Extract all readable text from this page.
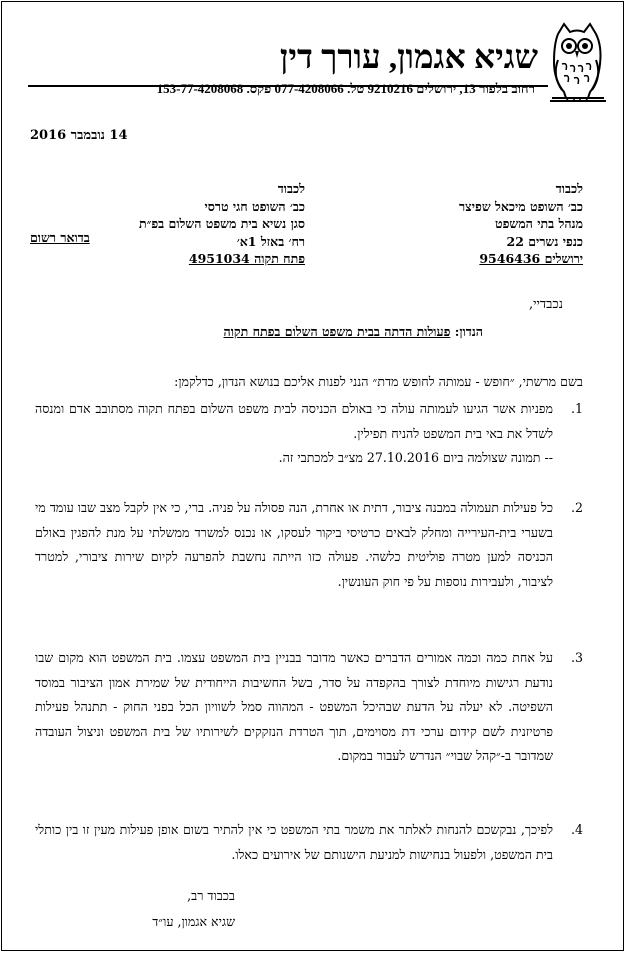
שגיא אגמון, עורך דין
רחוב בלפור 13, ירושלים 9210216 טל. 077-4208066 פקס. 153-77-4208068
14 נובמבר 2016
לכבוד
כב׳ השופט מיכאל שפיצר
מנהל בתי המשפט
כנפי נשרים 22
ירושלים 9546436
לכבוד
כב׳ השופט חגי טרסי
סגן נשיא בית משפט השלום בפ״ת
רח׳ באזל 1א׳
פתח תקוה 4951034
בדואר רשום
נכבדיי,
הנדון: פעולות הדתה בבית משפט השלום בפתח תקוה
בשם מרשתי, ״חופש - עמותה לחופש מדת״ הנני לפנות אליכם בנושא הנדון, כדלקמן:
1.
מפניות אשר הגיעו לעמותה עולה כי באולם הכניסה לבית משפט השלום בפתח תקוה מסתובב אדם ומנסה לשדל את באי בית המשפט להניח תפילין.
-- תמונה שצולמה ביום 27.10.2016 מצ״ב למכתבי זה.
2.
כל פעילות תעמולה במבנה ציבור, דתית או אחרת, הנה פסולה על פניה. ברי, כי אין לקבל מצב שבו עומד מי בשערי בית-העירייה ומחלק לבאים כרטיסי ביקור לעסקו, או נכנס למשרד ממשלתי על מנת להפגין באולם הכניסה למען מטרה פוליטית כלשהי. פעולה כזו הייתה נחשבת להפרעה לקיום שירות ציבורי, למטרד לציבור, ולעבירות נוספות על פי חוק העונשין.
3.
על אחת כמה וכמה אמורים הדברים כאשר מדובר בבניין בית המשפט עצמו. בית המשפט הוא מקום שבו נודעת רגישות מיוחדת לצורך בהקפדה על סדר, בשל החשיבות הייחודית של שמירת אמון הציבור במוסד השפיטה. לא יעלה על הדעת שבהיכל המשפט - המהווה סמל לשוויון הכל בפני החוק - תתנהל פעילות פרטיזנית לשם קידום ערכי דת מסוימים, תוך הטרדת הנזקקים לשירותיו של בית המשפט וניצול העובדה שמדובר ב-״קהל שבוי״ הנדרש לעבור במקום.
4.
לפיכך, נבקשכם להנחות לאלתר את משמר בתי המשפט כי אין להתיר בשום אופן פעילות מעין זו בין כותלי בית המשפט, ולפעול בנחישות למניעת הישנותם של אירועים כאלו.
בכבוד רב,
שגיא אגמון, עו״ד
